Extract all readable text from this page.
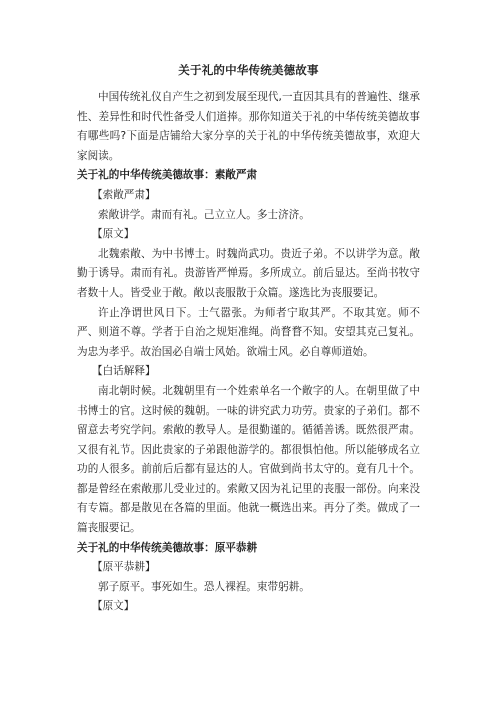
关于礼的中华传统美德故事

中国传统礼仪自产生之初到发展至现代,一直因其具有的普遍性、继承性、差异性和时代性备受人们道捧。那你知道关于礼的中华传统美德故事有哪些吗?下面是店铺给大家分享的关于礼的中华传统美德故事，欢迎大家阅读。

关于礼的中华传统美德故事：素敞严肃

【索敞严肃】

索敞讲学。肃而有礼。己立立人。多士济济。

【原文】

北魏索敞、为中书博士。时魏尚武功。贵近子弟。不以讲学为意。敞勤于诱导。肃而有礼。贵游皆严惮焉。多所成立。前后显达。至尚书牧守者数十人。皆受业于敞。敞以丧服散于众篇。遂选比为丧服要记。

许止净谓世风日下。士气嚣张。为师者宁取其严。不取其宽。师不严、则道不尊。学者于自治之规矩准绳。尚瞀瞀不知。安望其克己复礼。为忠为孝乎。故治国必自端士风始。欲端士风。必自尊师道始。

【白话解释】

南北朝时候。北魏朝里有一个姓索单名一个敞字的人。在朝里做了中书博士的官。这时候的魏朝。一味的讲究武力功劳。贵家的子弟们。都不留意去考究学问。索敞的教导人。是很勤谨的。循循善诱。既然很严肃。又很有礼节。因此贵家的子弟跟他游学的。都很惧怕他。所以能够成名立功的人很多。前前后后都有显达的人。官做到尚书太守的。竟有几十个。都是曾经在索敞那儿受业过的。索敞又因为礼记里的丧服一部份。向来没有专篇。都是散见在各篇的里面。他就一概选出来。再分了类。做成了一篇丧服要记。

关于礼的中华传统美德故事：原平恭耕

【原平恭耕】

郭子原平。事死如生。恐人裸裎。束带躬耕。

【原文】
